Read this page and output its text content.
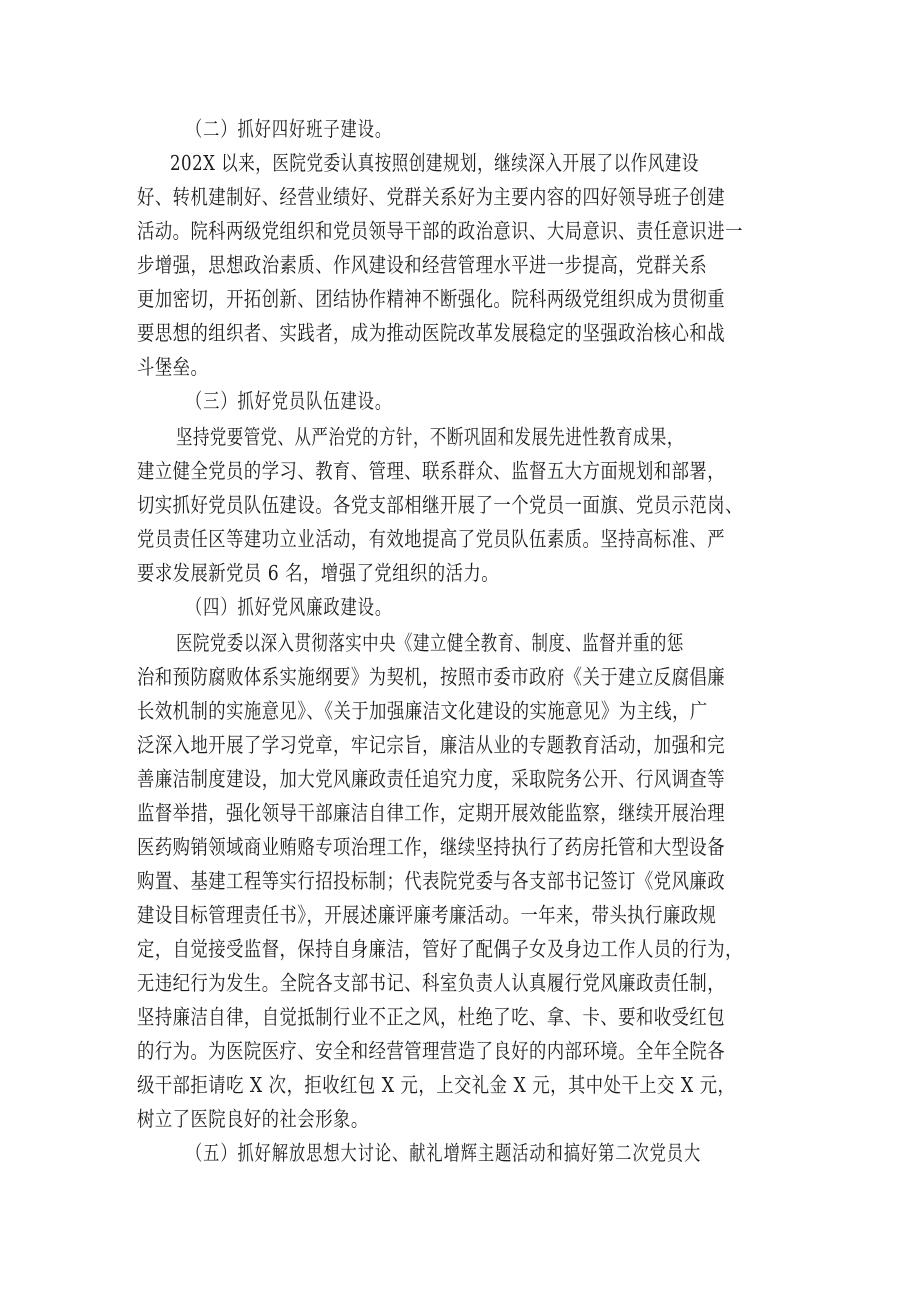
（二）抓好四好班子建设。
202X 以来，医院党委认真按照创建规划，继续深入开展了以作风建设
好、转机建制好、经营业绩好、党群关系好为主要内容的四好领导班子创建
活动。院科两级党组织和党员领导干部的政治意识、大局意识、责任意识进一
步增强，思想政治素质、作风建设和经营管理水平进一步提高，党群关系
更加密切，开拓创新、团结协作精神不断强化。院科两级党组织成为贯彻重
要思想的组织者、实践者，成为推动医院改革发展稳定的坚强政治核心和战
斗堡垒。
（三）抓好党员队伍建设。
坚持党要管党、从严治党的方针，不断巩固和发展先进性教育成果，
建立健全党员的学习、教育、管理、联系群众、监督五大方面规划和部署，
切实抓好党员队伍建设。各党支部相继开展了一个党员一面旗、党员示范岗、
党员责任区等建功立业活动，有效地提高了党员队伍素质。坚持高标准、严
要求发展新党员 6 名，增强了党组织的活力。
（四）抓好党风廉政建设。
医院党委以深入贯彻落实中央《建立健全教育、制度、监督并重的惩
治和预防腐败体系实施纲要》为契机，按照市委市政府《关于建立反腐倡廉
长效机制的实施意见》、《关于加强廉洁文化建设的实施意见》为主线，广
泛深入地开展了学习党章，牢记宗旨，廉洁从业的专题教育活动，加强和完
善廉洁制度建设，加大党风廉政责任追究力度，采取院务公开、行风调查等
监督举措，强化领导干部廉洁自律工作，定期开展效能监察，继续开展治理
医药购销领域商业贿赂专项治理工作，继续坚持执行了药房托管和大型设备
购置、基建工程等实行招投标制；代表院党委与各支部书记签订《党风廉政
建设目标管理责任书》，开展述廉评廉考廉活动。一年来，带头执行廉政规
定，自觉接受监督，保持自身廉洁，管好了配偶子女及身边工作人员的行为，
无违纪行为发生。全院各支部书记、科室负责人认真履行党风廉政责任制，
坚持廉洁自律，自觉抵制行业不正之风，杜绝了吃、拿、卡、要和收受红包
的行为。为医院医疗、安全和经营管理营造了良好的内部环境。全年全院各
级干部拒请吃 X 次，拒收红包 X 元，上交礼金 X 元，其中处干上交 X 元，
树立了医院良好的社会形象。
（五）抓好解放思想大讨论、献礼增辉主题活动和搞好第二次党员大
